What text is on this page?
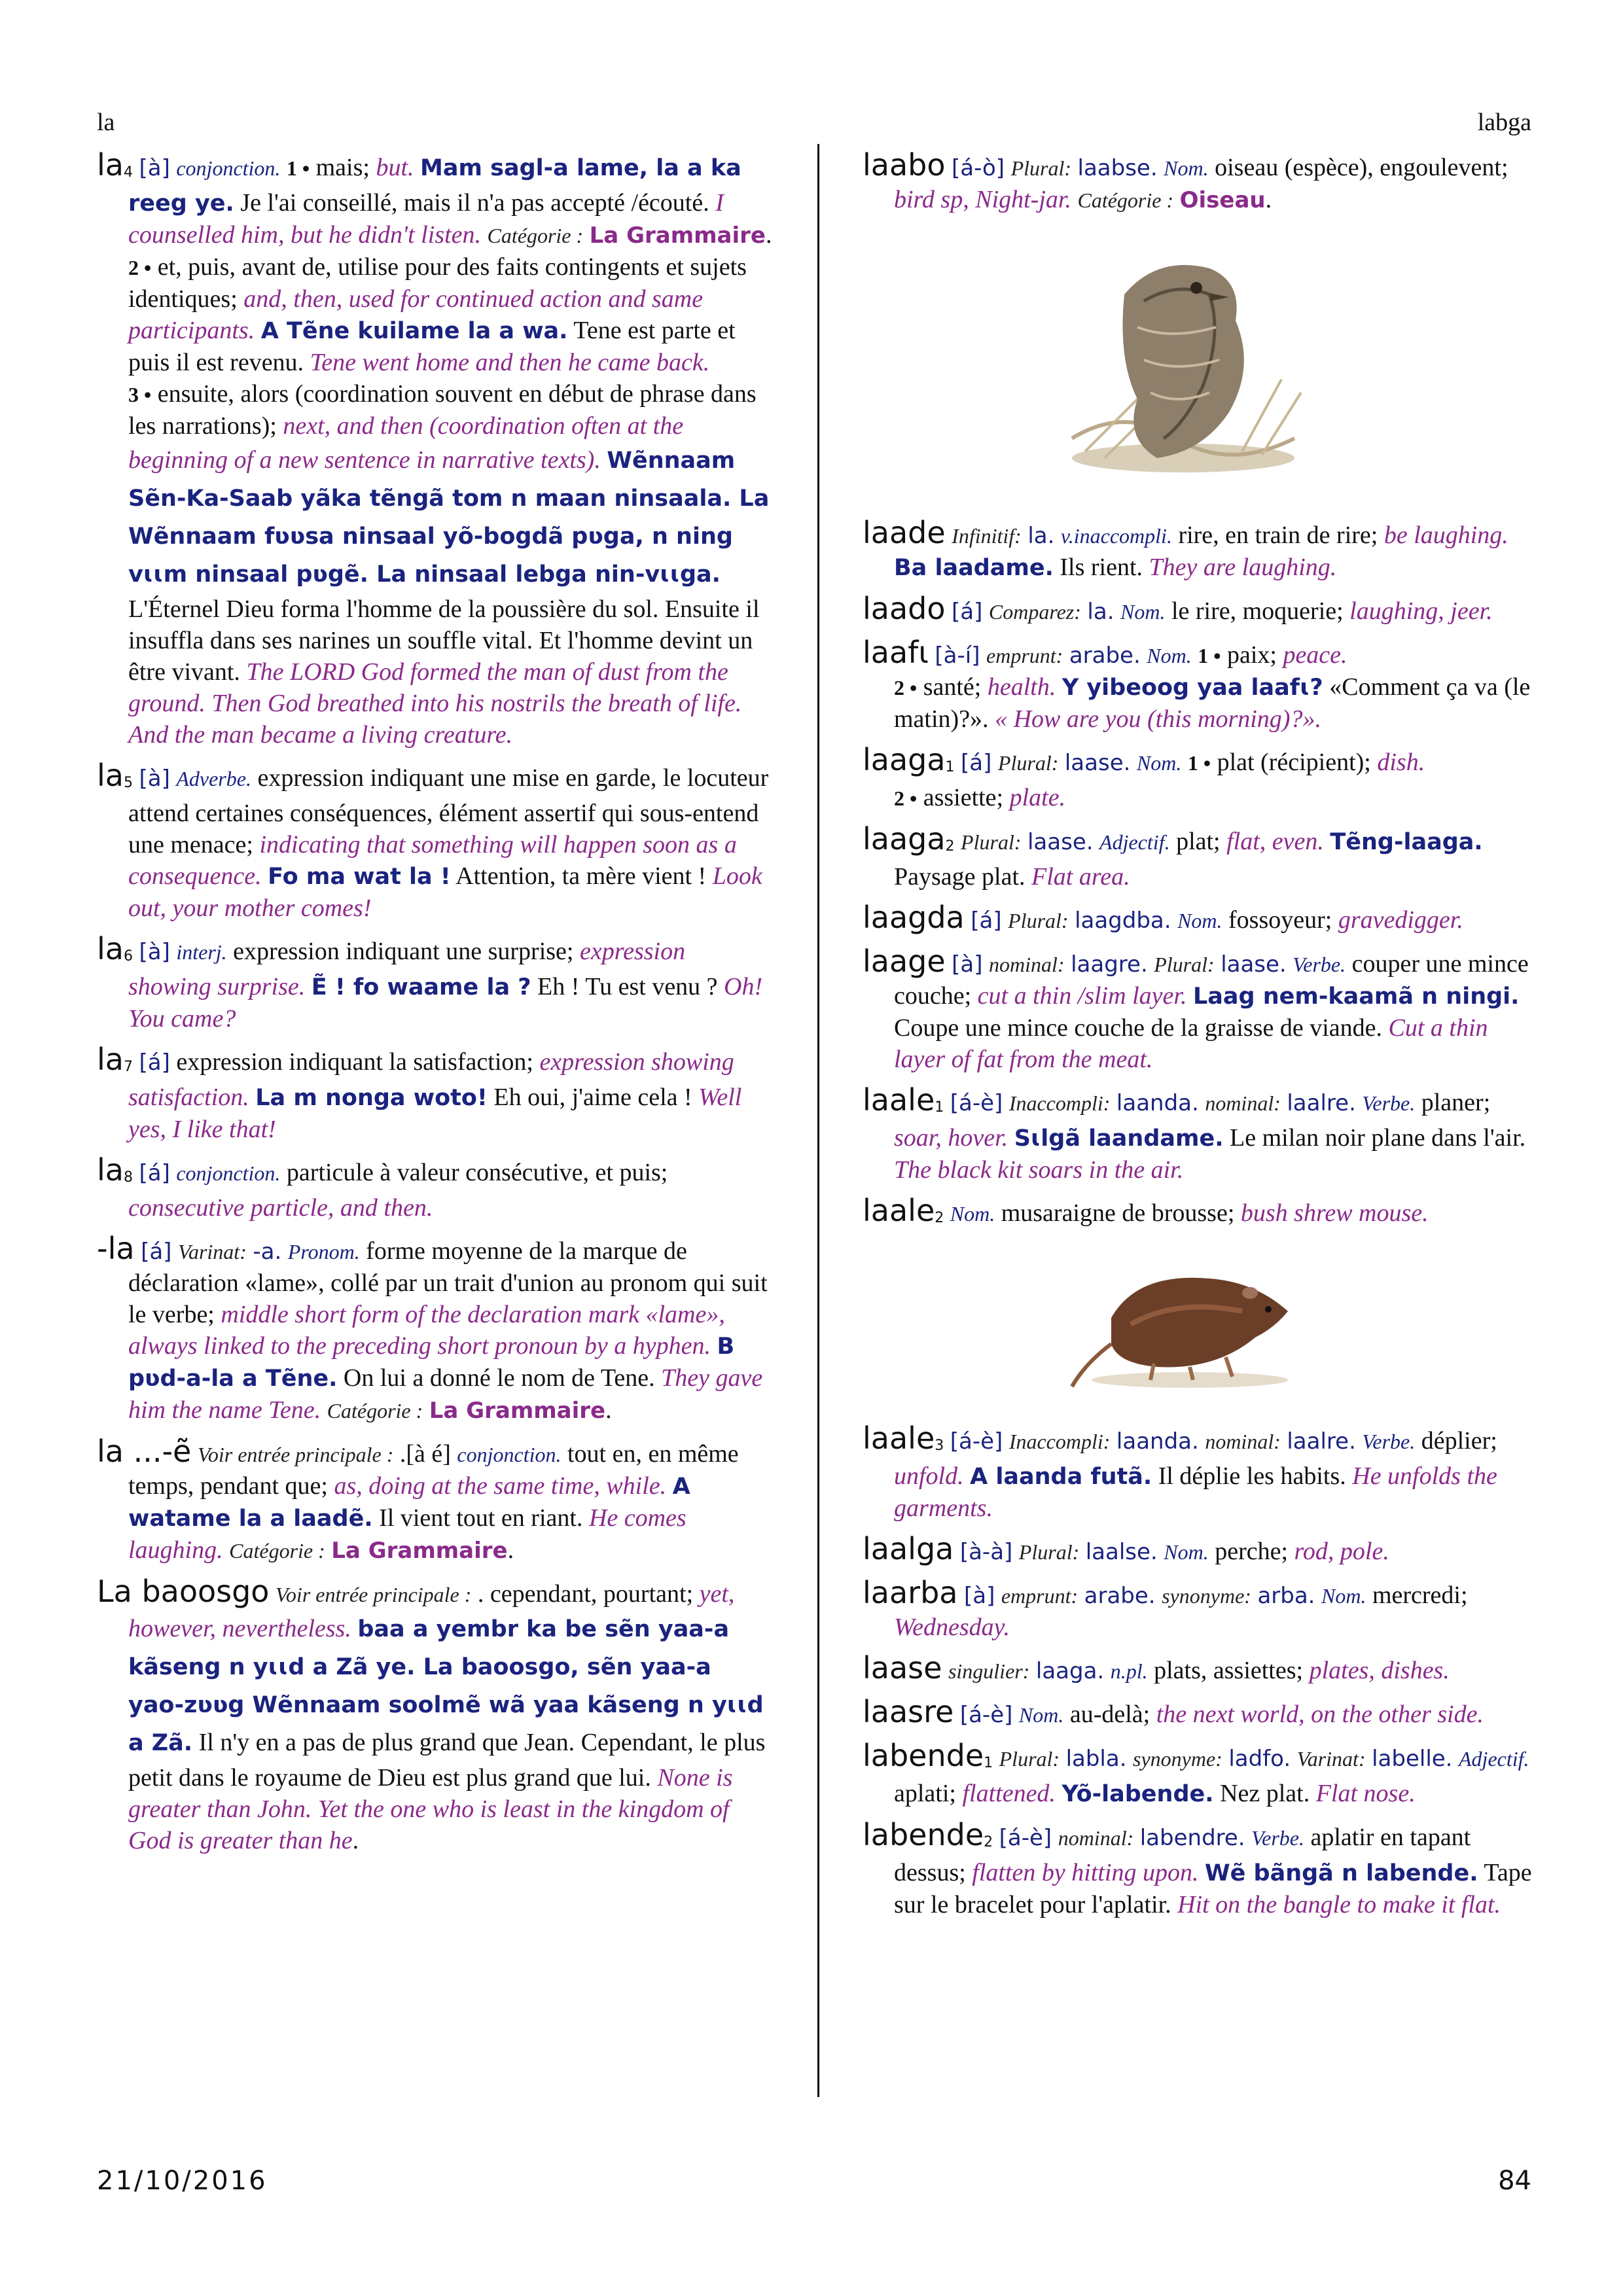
la	labga
$la_4$ [à] conjonction. 1 • mais; but. Mam sagl-a lame, la a ka reeg ye. Je l'ai conseillé, mais il n'a pas accepté /écouté. I counselled him, but he didn't listen. Catégorie : La Grammaire.
2 • et, puis, avant de, utilise pour des faits contingents et sujets identiques; and, then, used for continued action and same participants. A Tẽne kuilame la a wa. Tene est parte et puis il est revenu. Tene went home and then he came back.
3 • ensuite, alors (coordination souvent en début de phrase dans les narrations); next, and then (coordination often at the beginning of a new sentence in narrative texts). Wẽnnaam Sẽn-Ka-Saab yãka tẽngã tom n maan ninsaala. La Wẽnnaam fʋʋsa ninsaal yõ-bogdã pʋga, n ning vɩɩm ninsaal pʋgẽ. La ninsaal lebga nin-vɩɩga. L'Éternel Dieu forma l'homme de la poussière du sol. Ensuite il insuffla dans ses narines un souffle vital. Et l'homme devint un être vivant. The LORD God formed the man of dust from the ground. Then God breathed into his nostrils the breath of life. And the man became a living creature.
$la_5$ [à] Adverbe. expression indiquant une mise en garde, le locuteur attend certaines conséquences, élément assertif qui sous-entend une menace; indicating that something will happen soon as a consequence. Fo ma wat la ! Attention, ta mère vient ! Look out, your mother comes!
$la_6$ [à] interj. expression indiquant une surprise; expression showing surprise. Ẽ ! fo waame la ? Eh ! Tu est venu ? Oh! You came?
$la_7$ [á] expression indiquant la satisfaction; expression showing satisfaction. La m nonga woto! Eh oui, j'aime cela ! Well yes, I like that!
$la_8$ [á] conjonction. particule à valeur consécutive, et puis; consecutive particle, and then.
-la [á] Varinat: -a. Pronom. forme moyenne de la marque de déclaration «lame», collé par un trait d'union au pronom qui suit le verbe; middle short form of the declaration mark «lame», always linked to the preceding short pronoun by a hyphen. B pʋd-a-la a Tẽne. On lui a donné le nom de Tene. They gave him the name Tene. Catégorie : La Grammaire.
la ...-ẽ Voir entrée principale : .[à é] conjonction. tout en, en même temps, pendant que; as, doing at the same time, while. A watame la a laadẽ. Il vient tout en riant. He comes laughing. Catégorie : La Grammaire.
La baoosgo Voir entrée principale : . cependant, pourtant; yet, however, nevertheless. baa a yembr ka be sẽn yaa-a kãseng n yɩɩd a Zã ye. La baoosgo, sẽn yaa-a yao-zʋʋg Wẽnnaam soolmẽ wã yaa kãseng n yɩɩd a Zã. Il n'y en a pas de plus grand que Jean. Cependant, le plus petit dans le royaume de Dieu est plus grand que lui. None is greater than John. Yet the one who is least in the kingdom of God is greater than he.
laabo [á-ò] Plural: laabse. Nom. oiseau (espèce), engoulevent; bird sp, Night-jar. Catégorie : Oiseau.
laade Infinitif: la. v.inaccompli. rire, en train de rire; be laughing. Ba laadame. Ils rient. They are laughing.
laado [á] Comparez: la. Nom. le rire, moquerie; laughing, jeer.
laafɩ [à-í] emprunt: arabe. Nom. 1 • paix; peace.
2 • santé; health. Y yibeoog yaa laafɩ? «Comment ça va (le matin)?». « How are you (this morning)?».
laaga$_1$ [á] Plural: laase. Nom. 1 • plat (récipient); dish.
2 • assiette; plate.
laaga$_2$ Plural: laase. Adjectif. plat; flat, even. Tẽng-laaga. Paysage plat. Flat area.
laagda [á] Plural: laagdba. Nom. fossoyeur; gravedigger.
laage [à] nominal: laagre. Plural: laase. Verbe. couper une mince couche; cut a thin /slim layer. Laag nem-kaamã n ningi. Coupe une mince couche de la graisse de viande. Cut a thin layer of fat from the meat.
laale$_1$ [á-è] Inaccompli: laanda. nominal: laalre. Verbe. planer; soar, hover. Sɩlgã laandame. Le milan noir plane dans l'air. The black kit soars in the air.
laale$_2$ Nom. musaraigne de brousse; bush shrew mouse.
laale$_3$ [á-è] Inaccompli: laanda. nominal: laalre. Verbe. déplier; unfold. A laanda futã. Il déplie les habits. He unfolds the garments.
laalga [à-à] Plural: laalse. Nom. perche; rod, pole.
laarba [à] emprunt: arabe. synonyme: arba. Nom. mercredi; Wednesday.
laase singulier: laaga. n.pl. plats, assiettes; plates, dishes.
laasre [á-è] Nom. au-delà; the next world, on the other side.
labende$_1$ Plural: labla. synonyme: ladfo. Varinat: labelle. Adjectif. aplati; flattened. Yõ-labende. Nez plat. Flat nose.
labende$_2$ [á-è] nominal: labendre. Verbe. aplatir en tapant dessus; flatten by hitting upon. Wẽ bãngã n labende. Tape sur le bracelet pour l'aplatir. Hit on the bangle to make it flat.
21/10/2016	84
